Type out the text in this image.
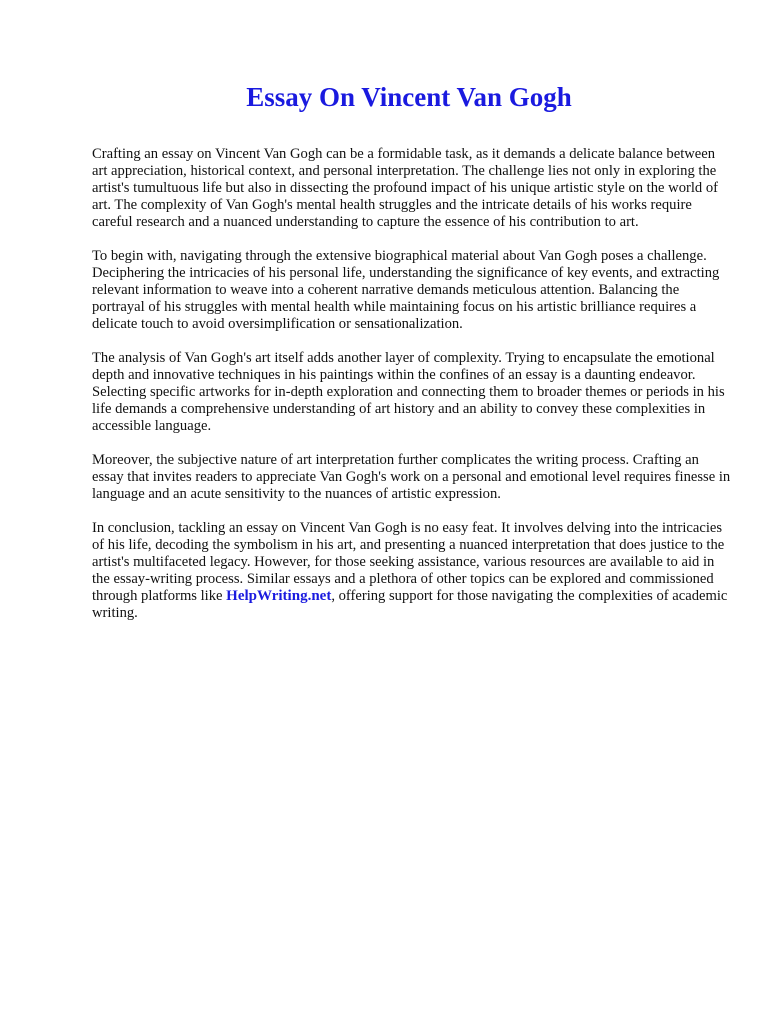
Essay On Vincent Van Gogh

Crafting an essay on Vincent Van Gogh can be a formidable task, as it demands a delicate balance between art appreciation, historical context, and personal interpretation. The challenge lies not only in exploring the artist's tumultuous life but also in dissecting the profound impact of his unique artistic style on the world of art. The complexity of Van Gogh's mental health struggles and the intricate details of his works require careful research and a nuanced understanding to capture the essence of his contribution to art.

To begin with, navigating through the extensive biographical material about Van Gogh poses a challenge. Deciphering the intricacies of his personal life, understanding the significance of key events, and extracting relevant information to weave into a coherent narrative demands meticulous attention. Balancing the portrayal of his struggles with mental health while maintaining focus on his artistic brilliance requires a delicate touch to avoid oversimplification or sensationalization.

The analysis of Van Gogh's art itself adds another layer of complexity. Trying to encapsulate the emotional depth and innovative techniques in his paintings within the confines of an essay is a daunting endeavor. Selecting specific artworks for in-depth exploration and connecting them to broader themes or periods in his life demands a comprehensive understanding of art history and an ability to convey these complexities in accessible language.

Moreover, the subjective nature of art interpretation further complicates the writing process. Crafting an essay that invites readers to appreciate Van Gogh's work on a personal and emotional level requires finesse in language and an acute sensitivity to the nuances of artistic expression.

In conclusion, tackling an essay on Vincent Van Gogh is no easy feat. It involves delving into the intricacies of his life, decoding the symbolism in his art, and presenting a nuanced interpretation that does justice to the artist's multifaceted legacy. However, for those seeking assistance, various resources are available to aid in the essay-writing process. Similar essays and a plethora of other topics can be explored and commissioned through platforms like HelpWriting.net, offering support for those navigating the complexities of academic writing.
